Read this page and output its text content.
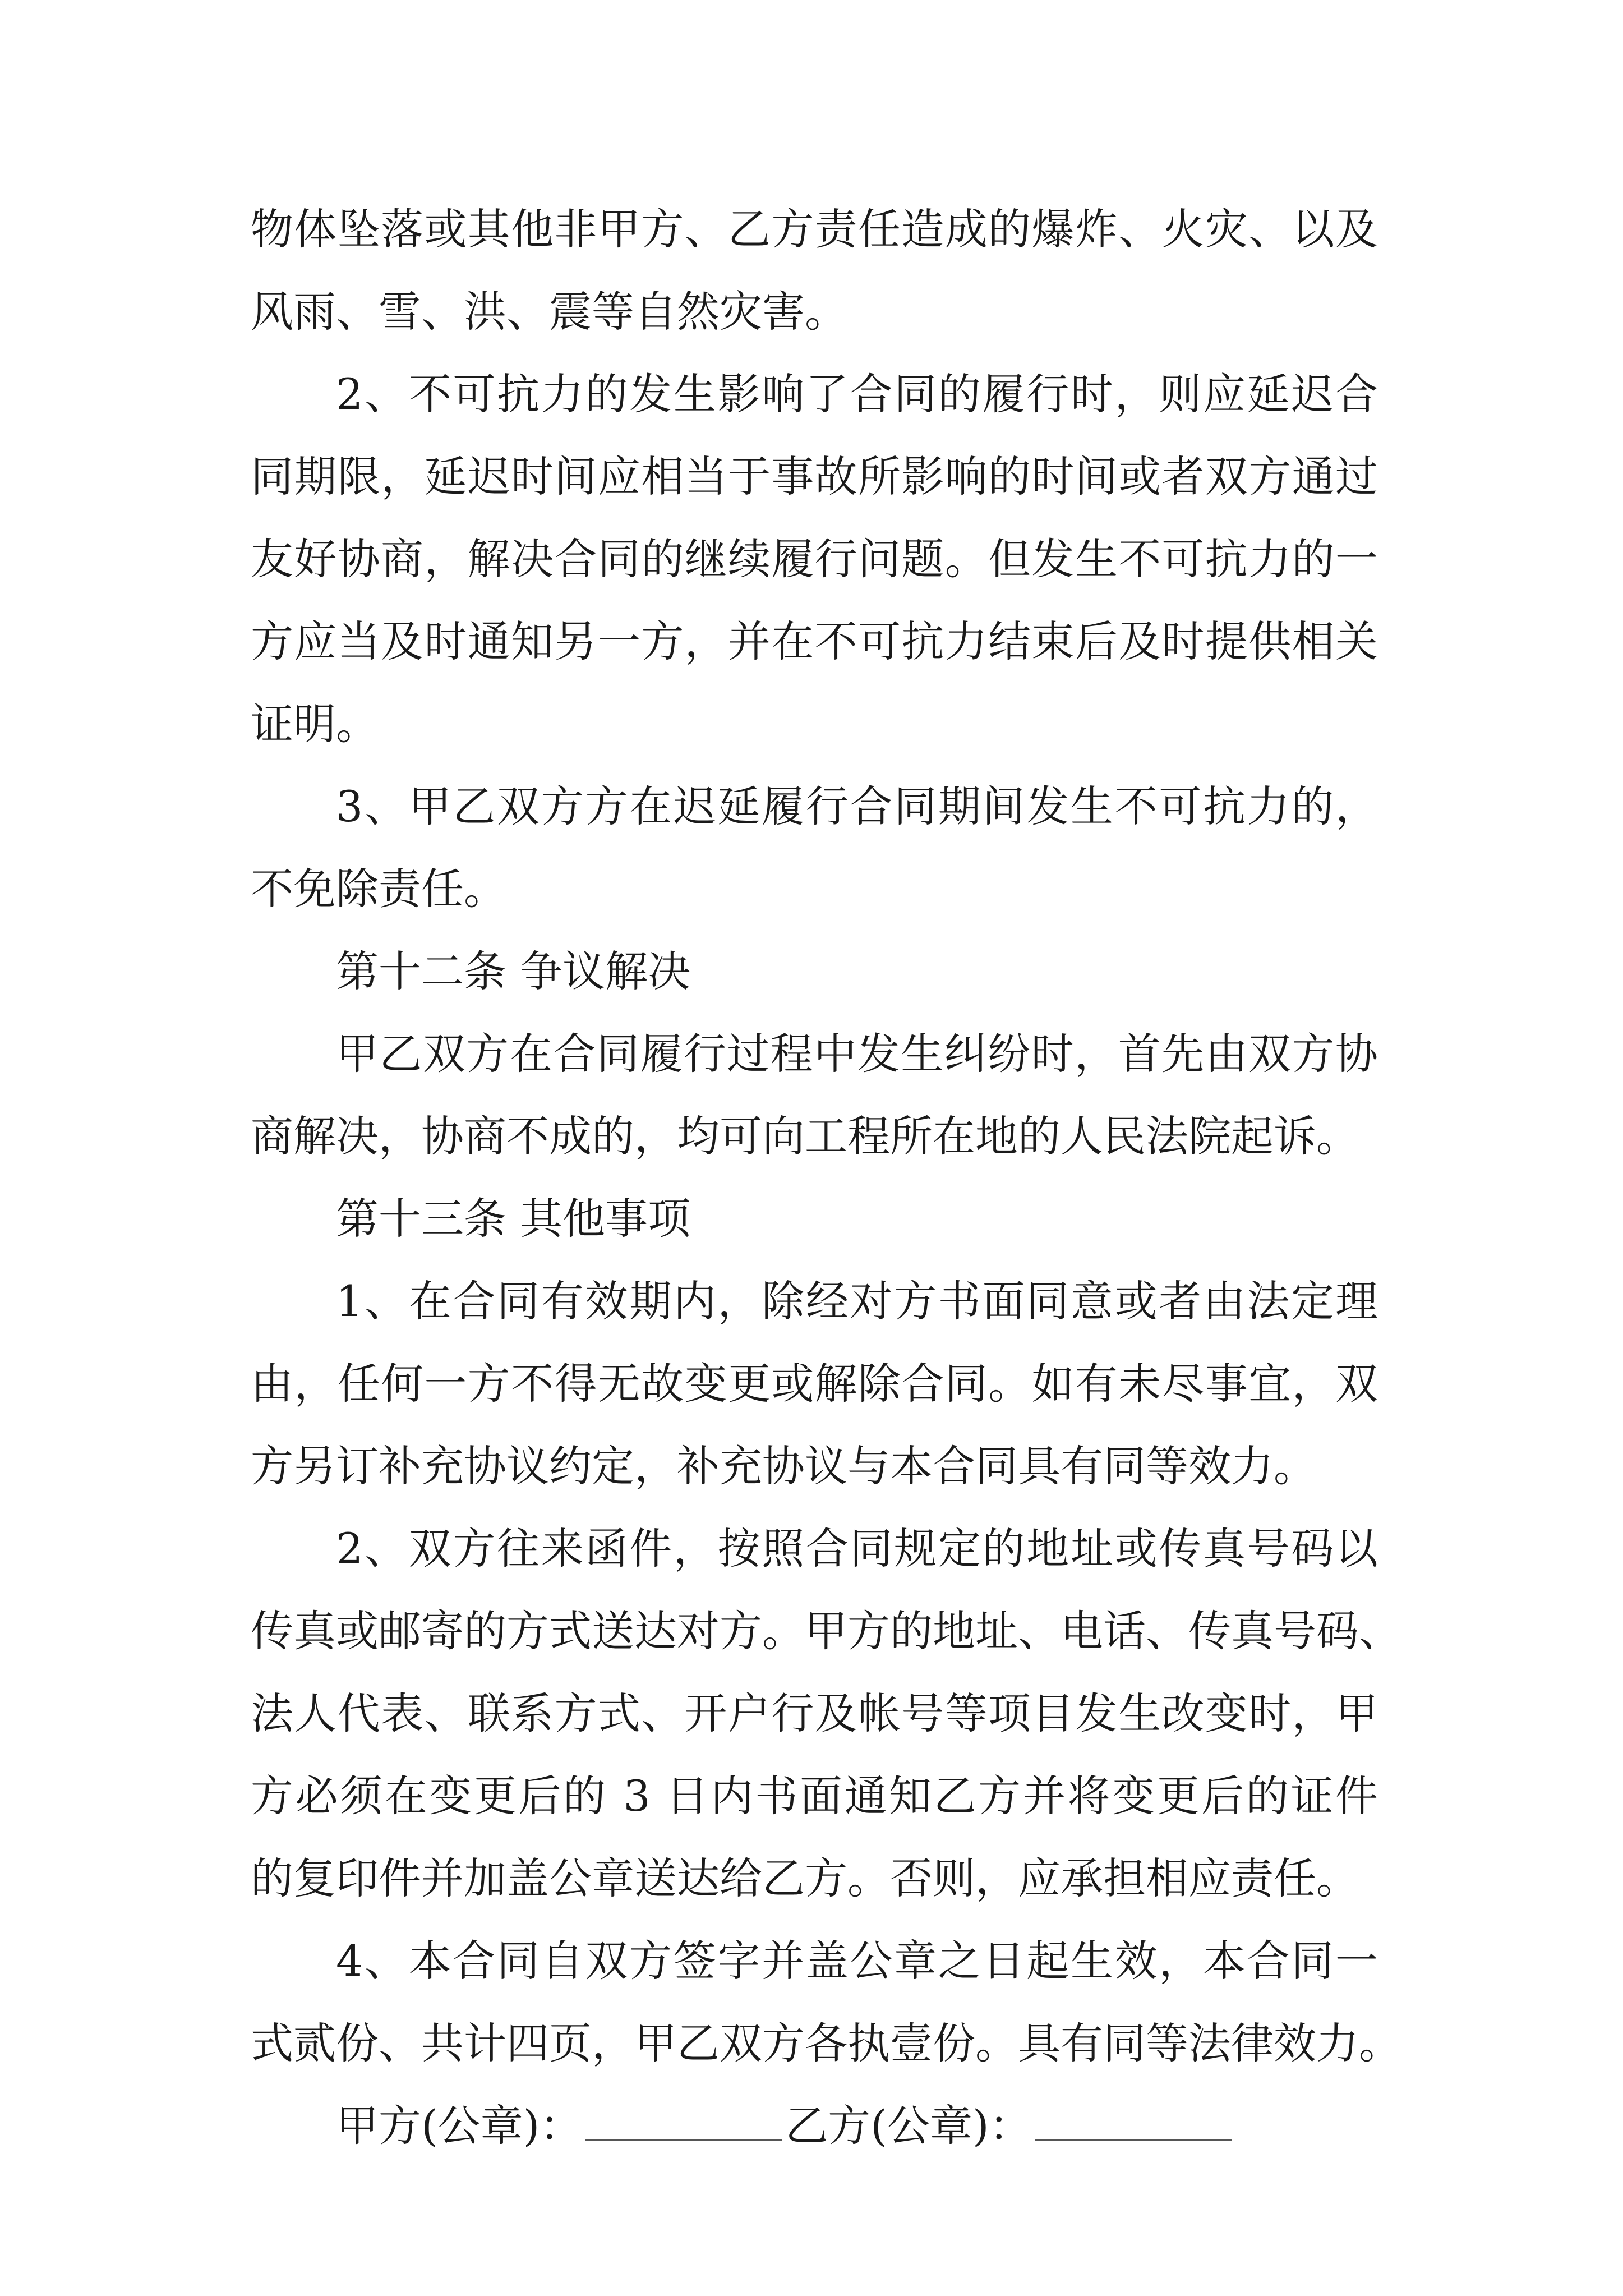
物体坠落或其他非甲方、乙方责任造成的爆炸、火灾、以及
风雨、雪、洪、震等自然灾害。
2、不可抗力的发生影响了合同的履行时，则应延迟合
同期限，延迟时间应相当于事故所影响的时间或者双方通过
友好协商，解决合同的继续履行问题。但发生不可抗力的一
方应当及时通知另一方，并在不可抗力结束后及时提供相关
证明。
3、甲乙双方方在迟延履行合同期间发生不可抗力的，
不免除责任。
第十二条 争议解决
甲乙双方在合同履行过程中发生纠纷时，首先由双方协
商解决，协商不成的，均可向工程所在地的人民法院起诉。
第十三条 其他事项
1、在合同有效期内，除经对方书面同意或者由法定理
由，任何一方不得无故变更或解除合同。如有未尽事宜，双
方另订补充协议约定，补充协议与本合同具有同等效力。
2、双方往来函件，按照合同规定的地址或传真号码以
传真或邮寄的方式送达对方。甲方的地址、电话、传真号码、
法人代表、联系方式、开户行及帐号等项目发生改变时，甲
方必须在变更后的 3 日内书面通知乙方并将变更后的证件
的复印件并加盖公章送达给乙方。否则，应承担相应责任。
4、本合同自双方签字并盖公章之日起生效，本合同一
式贰份、共计四页，甲乙双方各执壹份。具有同等法律效力。
甲方(公章)：	乙方(公章)：
